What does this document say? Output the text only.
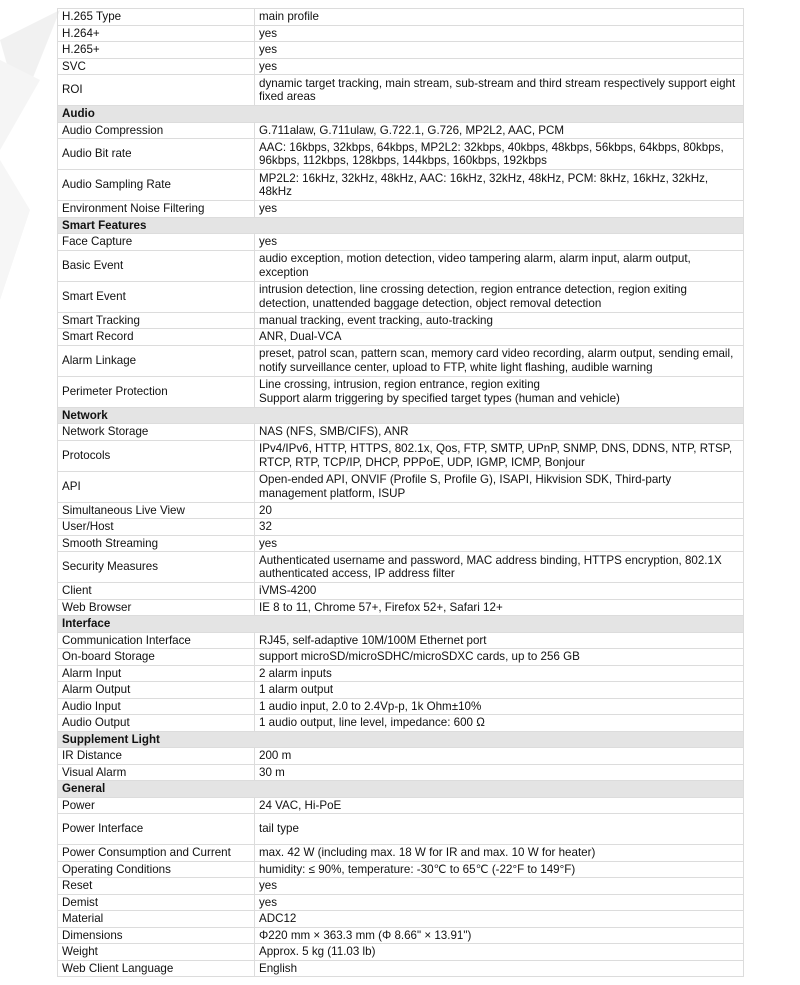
H.265 Type	main profile
H.264+	yes
H.265+	yes
SVC	yes
ROI	dynamic target tracking, main stream, sub-stream and third stream respectively support eight fixed areas
Audio	
Audio Compression	G.711alaw, G.711ulaw, G.722.1, G.726, MP2L2, AAC, PCM
Audio Bit rate	AAC: 16kbps, 32kbps, 64kbps, MP2L2: 32kbps, 40kbps, 48kbps, 56kbps, 64kbps, 80kbps, 96kbps, 112kbps, 128kbps, 144kbps, 160kbps, 192kbps
Audio Sampling Rate	MP2L2: 16kHz, 32kHz, 48kHz, AAC: 16kHz, 32kHz, 48kHz, PCM: 8kHz, 16kHz, 32kHz, 48kHz
Environment Noise Filtering	yes
Smart Features	
Face Capture	yes
Basic Event	audio exception, motion detection, video tampering alarm, alarm input, alarm output, exception
Smart Event	intrusion detection, line crossing detection, region entrance detection, region exiting detection, unattended baggage detection, object removal detection
Smart Tracking	manual tracking, event tracking, auto-tracking
Smart Record	ANR, Dual-VCA
Alarm Linkage	preset, patrol scan, pattern scan, memory card video recording, alarm output, sending email, notify surveillance center, upload to FTP, white light flashing, audible warning
Perimeter Protection	Line crossing, intrusion, region entrance, region exiting
Support alarm triggering by specified target types (human and vehicle)
Network	
Network Storage	NAS (NFS, SMB/CIFS), ANR
Protocols	IPv4/IPv6, HTTP, HTTPS, 802.1x, Qos, FTP, SMTP, UPnP, SNMP, DNS, DDNS, NTP, RTSP, RTCP, RTP, TCP/IP, DHCP, PPPoE, UDP, IGMP, ICMP, Bonjour
API	Open-ended API, ONVIF (Profile S, Profile G), ISAPI, Hikvision SDK, Third-party management platform, ISUP
Simultaneous Live View	20
User/Host	32
Smooth Streaming	yes
Security Measures	Authenticated username and password, MAC address binding, HTTPS encryption, 802.1X authenticated access, IP address filter
Client	iVMS-4200
Web Browser	IE 8 to 11, Chrome 57+, Firefox 52+, Safari 12+
Interface	
Communication Interface	RJ45, self-adaptive 10M/100M Ethernet port
On-board Storage	support microSD/microSDHC/microSDXC cards, up to 256 GB
Alarm Input	2 alarm inputs
Alarm Output	1 alarm output
Audio Input	1 audio input, 2.0 to 2.4Vp-p, 1k Ohm±10%
Audio Output	1 audio output, line level, impedance: 600 Ω
Supplement Light	
IR Distance	200 m
Visual Alarm	30 m
General	
Power	24 VAC, Hi-PoE
Power Interface	tail type
Power Consumption and Current	max. 42 W (including max. 18 W for IR and max. 10 W for heater)
Operating Conditions	humidity: ≤ 90%, temperature: -30℃ to 65℃ (-22°F to 149°F)
Reset	yes
Demist	yes
Material	ADC12
Dimensions	Φ220 mm × 363.3 mm (Φ 8.66" × 13.91")
Weight	Approx. 5 kg (11.03 lb)
Web Client Language	English
